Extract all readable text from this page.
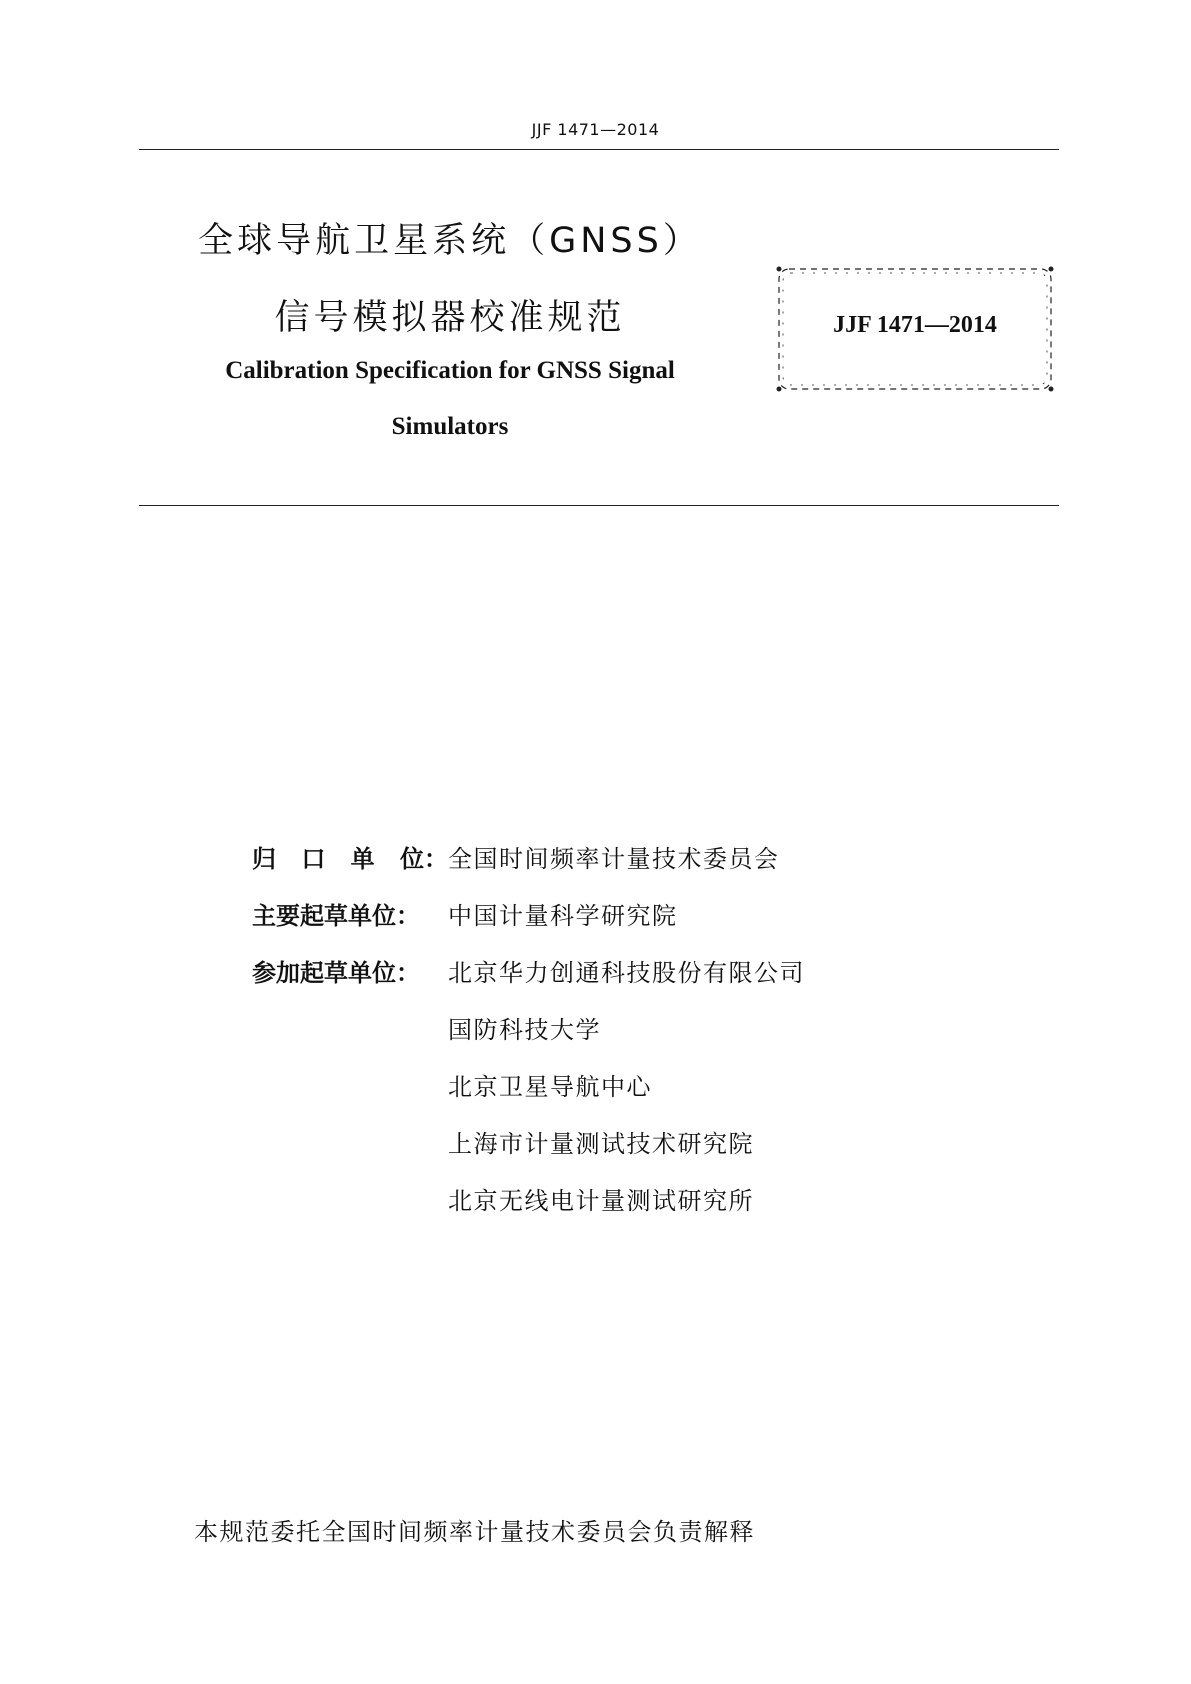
JJF 1471—2014
全球导航卫星系统（GNSS）
信号模拟器校准规范
Calibration Specification for GNSS Signal
Simulators
JJF 1471—2014
归 口 单 位 ： 全国时间频率计量技术委员会
主要起草单位：	中国计量科学研究院
参加起草单位：	北京华力创通科技股份有限公司
国防科技大学
北京卫星导航中心
上海市计量测试技术研究院
北京无线电计量测试研究所
本规范委托全国时间频率计量技术委员会负责解释
